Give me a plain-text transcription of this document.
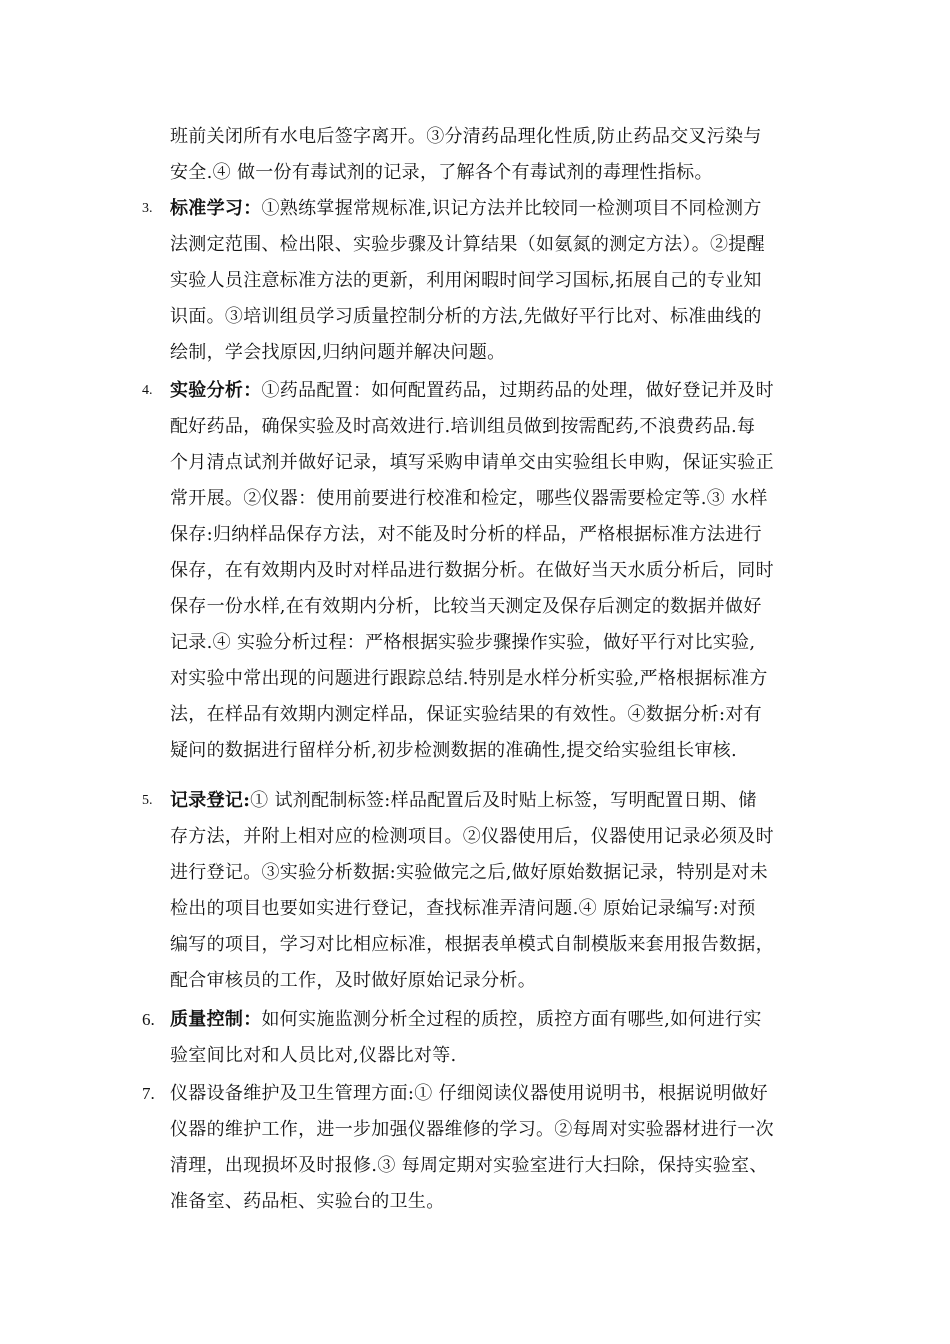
班前关闭所有水电后签字离开。③分清药品理化性质,防止药品交叉污染与
安全.④ 做一份有毒试剂的记录，了解各个有毒试剂的毒理性指标。
3. 标准学习：①熟练掌握常规标准,识记方法并比较同一检测项目不同检测方
法测定范围、检出限、实验步骤及计算结果（如氨氮的测定方法）。②提醒
实验人员注意标准方法的更新，利用闲暇时间学习国标,拓展自己的专业知
识面。③培训组员学习质量控制分析的方法,先做好平行比对、标准曲线的
绘制，学会找原因,归纳问题并解决问题。
4. 实验分析：①药品配置：如何配置药品，过期药品的处理，做好登记并及时
配好药品，确保实验及时高效进行.培训组员做到按需配药,不浪费药品.每
个月清点试剂并做好记录，填写采购申请单交由实验组长申购，保证实验正
常开展。②仪器：使用前要进行校准和检定，哪些仪器需要检定等.③ 水样
保存:归纳样品保存方法，对不能及时分析的样品，严格根据标准方法进行
保存，在有效期内及时对样品进行数据分析。在做好当天水质分析后，同时
保存一份水样,在有效期内分析，比较当天测定及保存后测定的数据并做好
记录.④ 实验分析过程：严格根据实验步骤操作实验，做好平行对比实验,
对实验中常出现的问题进行跟踪总结.特别是水样分析实验,严格根据标准方
法，在样品有效期内测定样品，保证实验结果的有效性。④数据分析:对有
疑问的数据进行留样分析,初步检测数据的准确性,提交给实验组长审核.
5. 记录登记:① 试剂配制标签:样品配置后及时贴上标签，写明配置日期、储
存方法，并附上相对应的检测项目。②仪器使用后，仪器使用记录必须及时
进行登记。③实验分析数据:实验做完之后,做好原始数据记录，特别是对未
检出的项目也要如实进行登记，查找标准弄清问题.④ 原始记录编写:对预
编写的项目，学习对比相应标准，根据表单模式自制模版来套用报告数据，
配合审核员的工作，及时做好原始记录分析。
6. 质量控制：如何实施监测分析全过程的质控，质控方面有哪些,如何进行实
验室间比对和人员比对,仪器比对等.
7. 仪器设备维护及卫生管理方面:① 仔细阅读仪器使用说明书，根据说明做好
仪器的维护工作，进一步加强仪器维修的学习。②每周对实验器材进行一次
清理，出现损坏及时报修.③ 每周定期对实验室进行大扫除，保持实验室、
准备室、药品柜、实验台的卫生。
